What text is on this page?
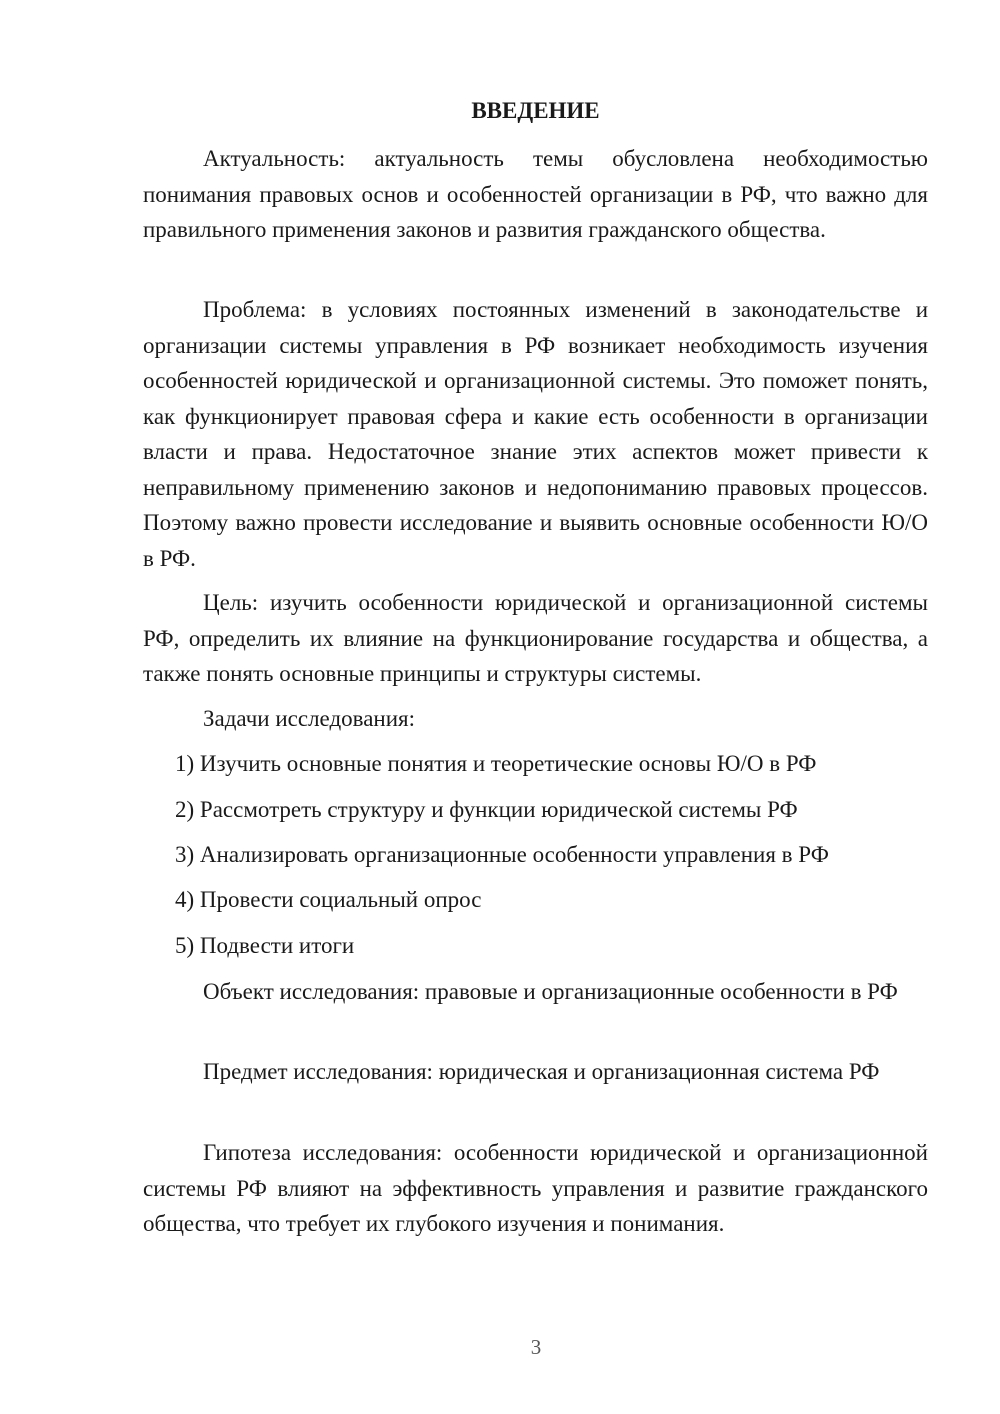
ВВЕДЕНИЕ

Актуальность: актуальность темы обусловлена необходимостью понимания правовых основ и особенностей организации в РФ, что важно для правильного применения законов и развития гражданского общества.

Проблема: в условиях постоянных изменений в законодательстве и организации системы управления в РФ возникает необходимость изучения особенностей юридической и организационной системы. Это поможет понять, как функционирует правовая сфера и какие есть особенности в организации власти и права. Недостаточное знание этих аспектов может привести к неправильному применению законов и недопониманию правовых процессов. Поэтому важно провести исследование и выявить основные особенности Ю/О в РФ.

Цель: изучить особенности юридической и организационной системы РФ, определить их влияние на функционирование государства и общества, а также понять основные принципы и структуры системы.

Задачи исследования:

1) Изучить основные понятия и теоретические основы Ю/О в РФ

2) Рассмотреть структуру и функции юридической системы РФ

3) Анализировать организационные особенности управления в РФ

4) Провести социальный опрос

5) Подвести итоги

Объект исследования: правовые и организационные особенности в РФ

Предмет исследования: юридическая и организационная система РФ

Гипотеза исследования: особенности юридической и организационной системы РФ влияют на эффективность управления и развитие гражданского общества, что требует их глубокого изучения и понимания.

3
